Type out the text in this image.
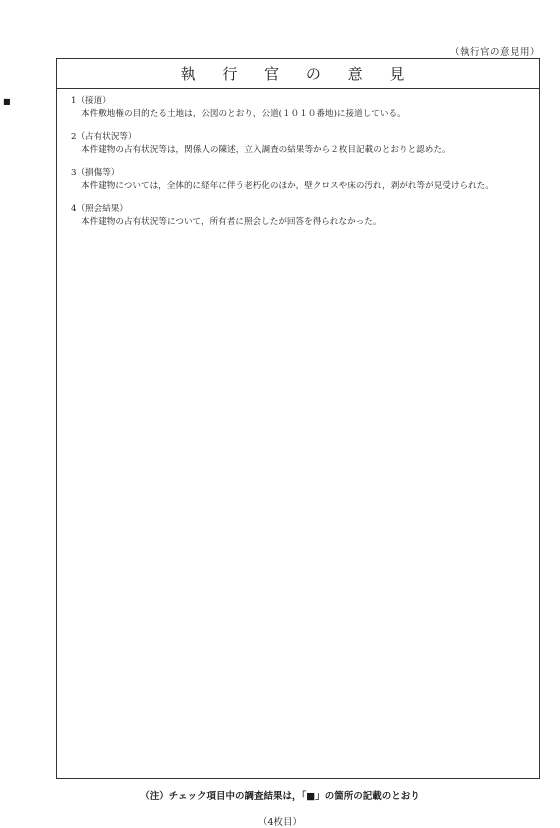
（執行官の意見用）
執 行 官 の 意 見
■	1（接道）
本件敷地権の目的たる土地は，公図のとおり，公道(１０１０番地)に接道している。
2（占有状況等）
本件建物の占有状況等は，関係人の陳述，立入調査の結果等から２枚目記載のとおりと認めた。
3（損傷等）
本件建物については，全体的に経年に伴う老朽化のほか，壁クロスや床の汚れ，剥がれ等が見受けられた。
4（照会結果）
本件建物の占有状況等について，所有者に照会したが回答を得られなかった。
（注）チェック項目中の調査結果は，「■」の箇所の記載のとおり
（4枚目）
